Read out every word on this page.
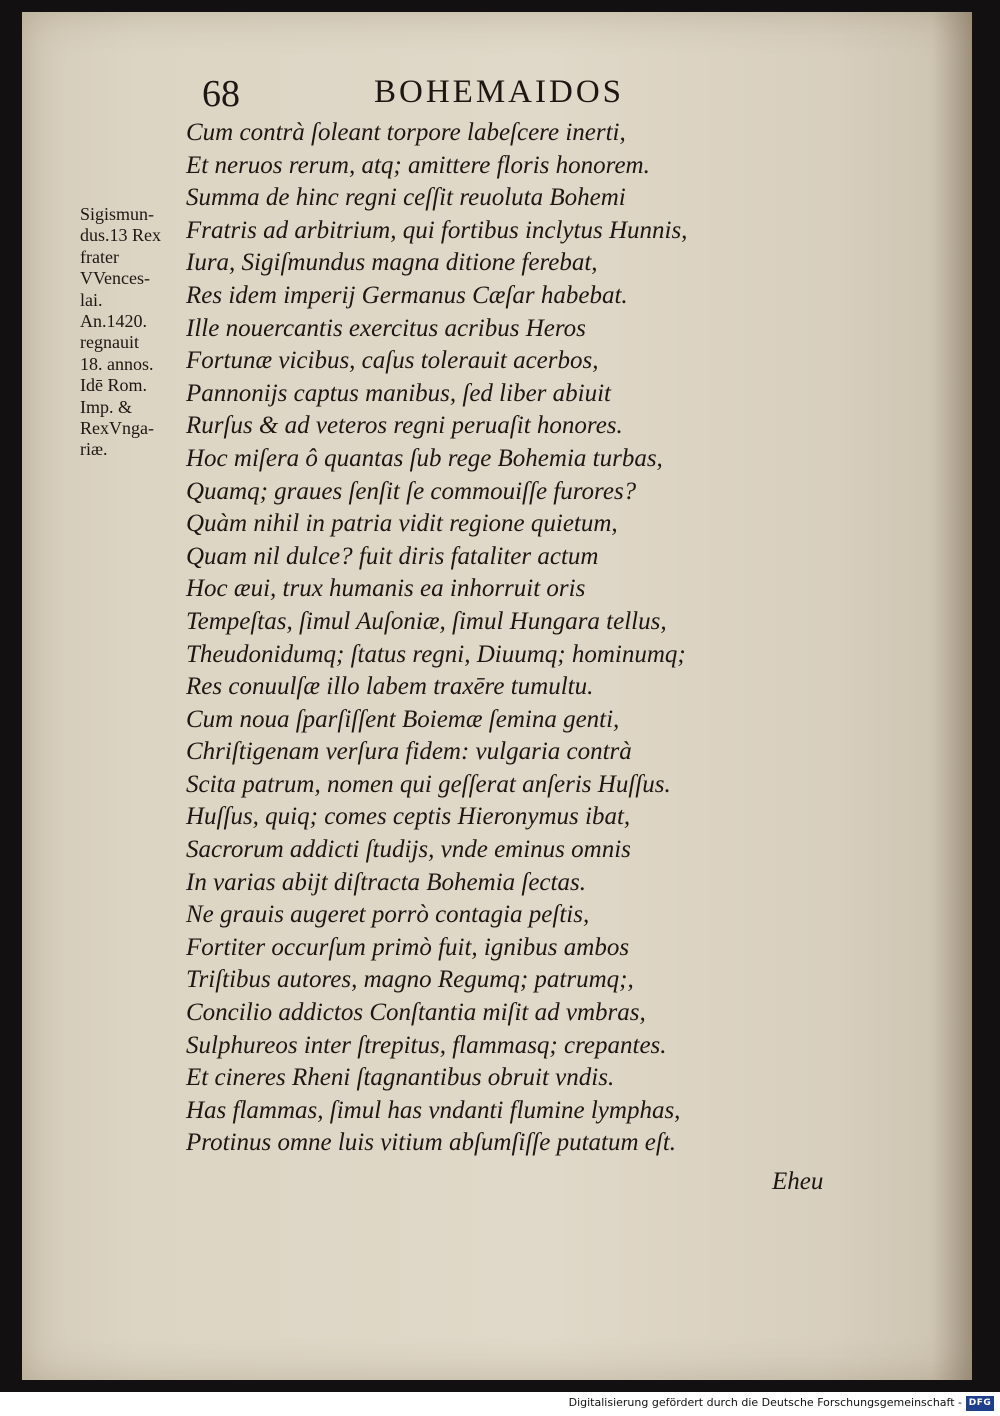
68	BOHEMAIDOS
Sigismun-
dus.13 Rex
frater
VVences-
lai.
An.1420.
regnauit
18. annos.
Idē Rom.
Imp. &
RexVnga-
riæ.
Cum contrà ſoleant torpore labeſcere inerti,
Et neruos rerum, atq; amittere floris honorem.
Summa de hinc regni ceſſit reuoluta Bohemi
Fratris ad arbitrium, qui fortibus inclytus Hunnis,
Iura, Sigiſmundus magna ditione ferebat,
Res idem imperij Germanus Cæſar habebat.
Ille nouercantis exercitus acribus Heros
Fortunæ vicibus, caſus tolerauit acerbos,
Pannonijs captus manibus, ſed liber abiuit
Rurſus & ad veteros regni peruaſit honores.
Hoc miſera ô quantas ſub rege Bohemia turbas,
Quamq; graues ſenſit ſe commouiſſe furores?
Quàm nihil in patria vidit regione quietum,
Quam nil dulce? fuit diris fataliter actum
Hoc æui, trux humanis ea inhorruit oris
Tempeſtas, ſimul Auſoniæ, ſimul Hungara tellus,
Theudonidumq; ſtatus regni, Diuumq; hominumq;
Res conuulſæ illo labem traxēre tumultu.
Cum noua ſparſiſſent Boiemæ ſemina genti,
Chriſtigenam verſura fidem: vulgaria contrà
Scita patrum, nomen qui geſſerat anſeris Huſſus.
Huſſus, quiq; comes ceptis Hieronymus ibat,
Sacrorum addicti ſtudijs, vnde eminus omnis
In varias abijt diſtracta Bohemia ſectas.
Ne grauis augeret porrò contagia peſtis,
Fortiter occurſum primò fuit, ignibus ambos
Triſtibus autores, magno Regumq; patrumq;,
Concilio addictos Conſtantia miſit ad vmbras,
Sulphureos inter ſtrepitus, flammasq; crepantes.
Et cineres Rheni ſtagnantibus obruit vndis.
Has flammas, ſimul has vndanti flumine lymphas,
Protinus omne luis vitium abſumſiſſe putatum eſt.
Eheu
Digitalisierung gefördert durch die Deutsche Forschungsgemeinschaft - DFG
